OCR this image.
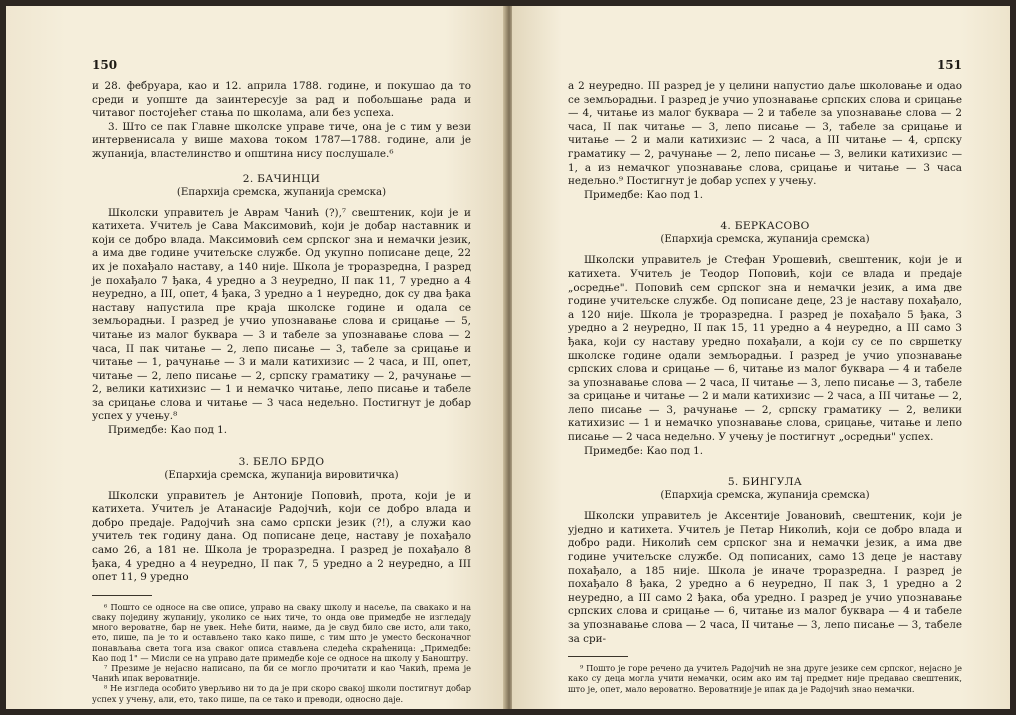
150

и 28. фебруара, као и 12. априла 1788. године, и покушао да то среди и уопште да заинтересује за рад и побољшање рада и читавог постојећег стања по школама, али без успеха.

3. Што се пак Главне школске управе тиче, она је с тим у вези интервенисала у више махова током 1787—1788. године, али је жупанија, властелинство и општина нису послушале.⁶

2. БАЧИНЦИ
(Епархија сремска, жупанија сремска)

Школски управитељ је Аврам Чанић (?),⁷ свештеник, који је и катихета. Учитељ је Сава Максимовић, који је добар наставник и који се добро влада. Максимовић сем српског зна и немачки језик, а има две године учитељске службе. Од укупно пописане деце, 22 их је похађало наставу, а 140 није. Школа је троразредна, I разред је похађало 7 ђака, 4 уредно а 3 неуредно, II пак 11, 7 уредно а 4 неуредно, а III, опет, 4 ђака, 3 уредно а 1 неуредно, док су два ђака наставу напустила пре краја школске године и одала се земљорадњи. I разред је учио упознавање слова и срицање — 5, читање из малог буквара — 3 и табеле за упознавање слова — 2 часа, II пак читање — 2, лепо писање — 3, табеле за срицање и читање — 1, рачунање — 3 и мали катихизис — 2 часа, и III, опет, читање — 2, лепо писање — 2, српску граматику — 2, рачунање — 2, велики катихизис — 1 и немачко читање, лепо писање и табеле за срицање слова и читање — 3 часа недељно. Постигнут је добар успех у учењу.⁸

Примедбе: Као под 1.

3. БЕЛО БРДО
(Епархија сремска, жупанија вировитичка)

Школски управитељ је Антоније Поповић, прота, који је и катихета. Учитељ је Атанасије Радојчић, који се добро влада и добро предаје. Радојчић зна само српски језик (?!), а служи као учитељ тек годину дана. Од пописане деце, наставу је похађало само 26, а 181 не. Школа је троразредна. I разред је похађало 8 ђака, 4 уредно а 4 неуредно, II пак 7, 5 уредно а 2 неуредно, а III опет 11, 9 уредно

⁶ Пошто се односе на све описе, управо на сваку школу и насеље, па свакако и на сваку поједину жупанију, уколико се њих тиче, то онда ове примедбе не изгледају много вероватне, бар не увек. Неће бити, наиме, да је свуд било све исто, али тако, ето, пише, па је то и остављено тако како пише, с тим што је уместо бесконачног понављања света тога иза сваког описа стављена следећа скраћеница: „Примедбе: Као под 1" — Мисли се на управо дате примедбе које се односе на школу у Баноштру.

⁷ Презиме је нејасно написано, па би се могло прочитати и као Чакић, према је Чанић ипак вероватније.

⁸ Не изгледа особито уверљиво ни то да је при скоро свакој школи постигнут добар успех у учењу, али, ето, тако пише, па се тако и преводи, односно даје.

151

а 2 неуредно. III разред је у целини напустио даље школовање и одао се земљорадњи. I разред је учио упознавање српских слова и срицање — 4, читање из малог буквара — 2 и табеле за упознавање слова — 2 часа, II пак читање — 3, лепо писање — 3, табеле за срицање и читање — 2 и мали катихизис — 2 часа, а III читање — 4, српску граматику — 2, рачунање — 2, лепо писање — 3, велики катихизис — 1, а из немачког упознавање слова, срицање и читање — 3 часа недељно.⁹ Постигнут је добар успех у учењу.

Примедбе: Као под 1.

4. БЕРКАСОВО
(Епархија сремска, жупанија сремска)

Школски управитељ је Стефан Урошевић, свештеник, који је и катихета. Учитељ је Теодор Поповић, који се влада и предаје „осредње". Поповић сем српског зна и немачки језик, а има две године учитељске службе. Од пописане деце, 23 је наставу похађало, а 120 није. Школа је троразредна. I разред је похађало 5 ђака, 3 уредно а 2 неуредно, II пак 15, 11 уредно а 4 неуредно, а III само 3 ђака, који су наставу уредно похађали, а који су се по свршетку школске године одали земљорадњи. I разред је учио упознавање српских слова и срицање — 6, читање из малог буквара — 4 и табеле за упознавање слова — 2 часа, II читање — 3, лепо писање — 3, табеле за срицање и читање — 2 и мали катихизис — 2 часа, а III читање — 2, лепо писање — 3, рачунање — 2, српску граматику — 2, велики катихизис — 1 и немачко упознавање слова, срицање, читање и лепо писање — 2 часа недељно. У учењу је постигнут „осредњи" успех.

Примедбе: Као под 1.

5. БИНГУЛА
(Епархија сремска, жупанија сремска)

Школски управитељ је Аксентије Јовановић, свештеник, који је уједно и катихета. Учитељ је Петар Николић, који се добро влада и добро ради. Николић сем српског зна и немачки језик, а има две године учитељске службе. Од пописаних, само 13 деце је наставу похађало, а 185 није. Школа је иначе троразредна. I разред је похађало 8 ђака, 2 уредно а 6 неуредно, II пак 3, 1 уредно а 2 неуредно, а III само 2 ђака, оба уредно. I разред је учио упознавање српских слова и срицање — 6, читање из малог буквара — 4 и табеле за упознавање слова — 2 часа, II читање — 3, лепо писање — 3, табеле за сри-

⁹ Пошто је горе речено да учитељ Радојчић не зна друге језике сем српског, нејасно је како су деца могла учити немачки, осим ако им тај предмет није предавао свештеник, што је, опет, мало вероватно. Вероватније је ипак да је Радојчић знао немачки.
